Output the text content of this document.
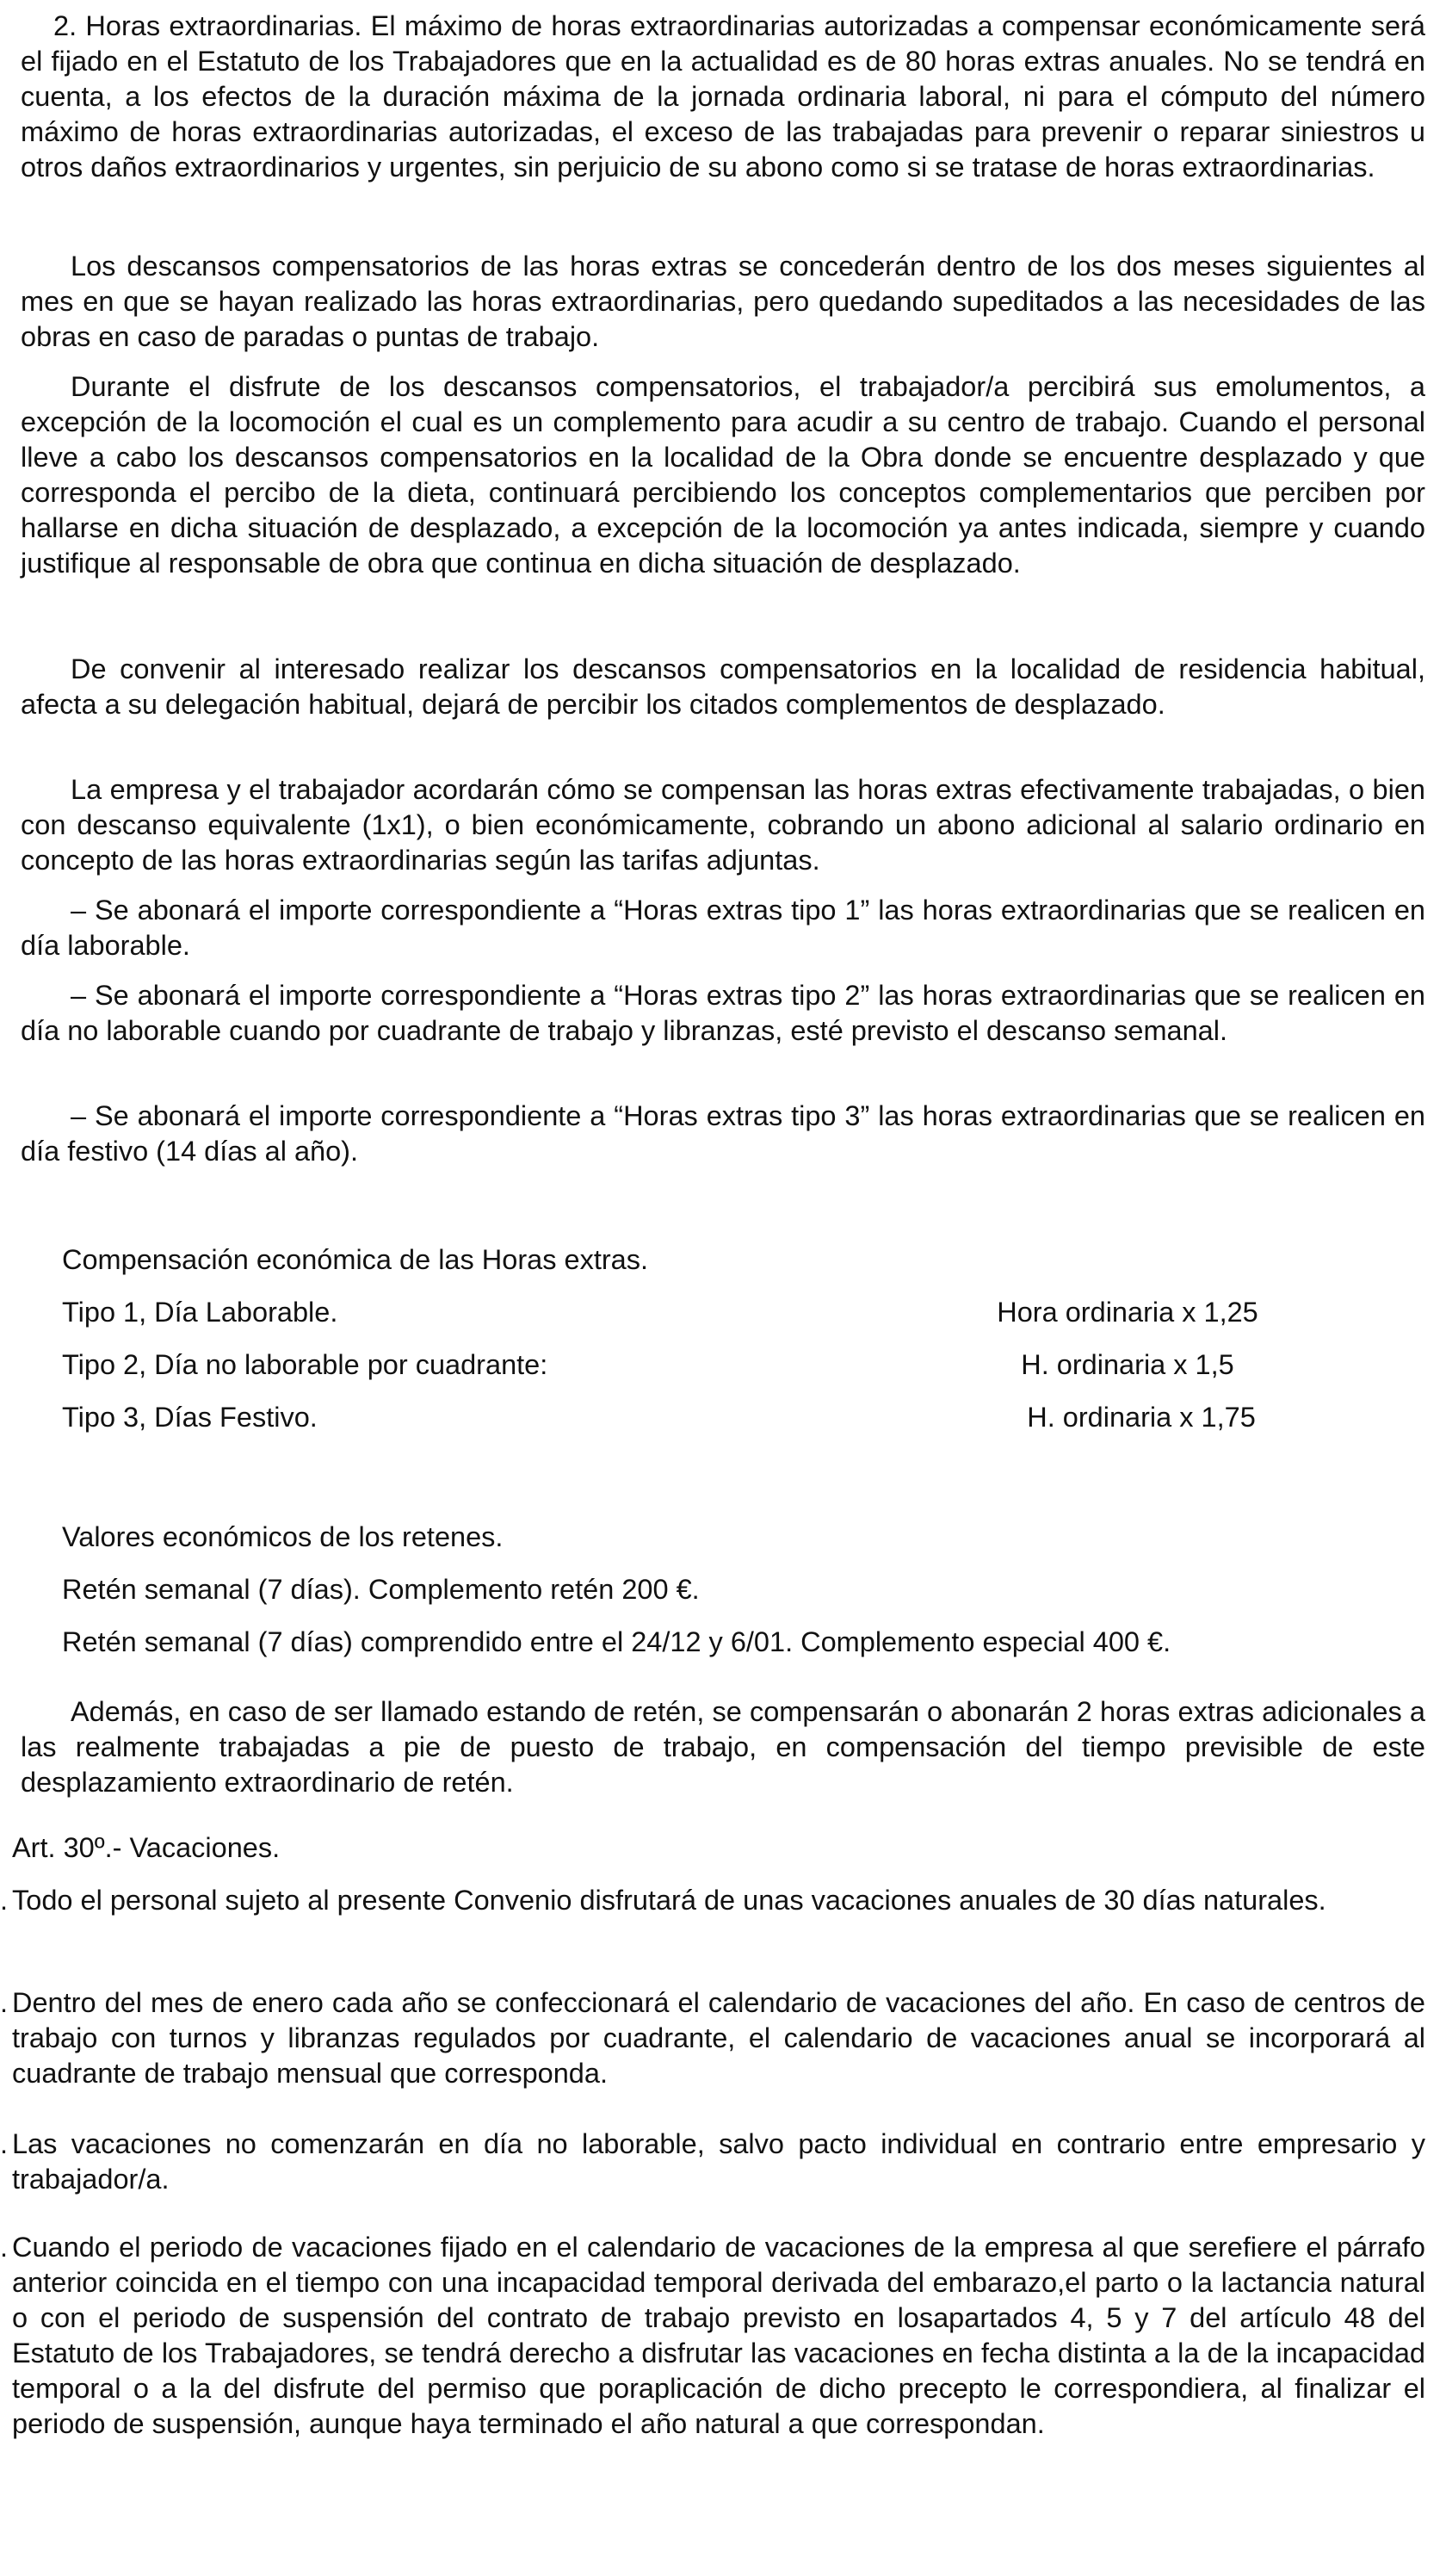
2. Horas extraordinarias. El máximo de horas extraordinarias autorizadas a compensar económicamente será el fijado en el Estatuto de los Trabajadores que en la actualidad es de 80 horas extras anuales. No se tendrá en cuenta, a los efectos de la duración máxima de la jornada ordinaria laboral, ni para el cómputo del número máximo de horas extraordinarias autorizadas, el exceso de las trabajadas para prevenir o reparar siniestros u otros daños extraordinarios y urgentes, sin perjuicio de su abono como si se tratase de horas extraordinarias.

Los descansos compensatorios de las horas extras se concederán dentro de los dos meses siguientes al mes en que se hayan realizado las horas extraordinarias, pero quedando supeditados a las necesidades de las obras en caso de paradas o puntas de trabajo.

Durante el disfrute de los descansos compensatorios, el trabajador/a percibirá sus emolumentos, a excepción de la locomoción el cual es un complemento para acudir a su centro de trabajo. Cuando el personal lleve a cabo los descansos compensatorios en la localidad de la Obra donde se encuentre desplazado y que corresponda el percibo de la dieta, continuará percibiendo los conceptos complementarios que perciben por hallarse en dicha situación de desplazado, a excepción de la locomoción ya antes indicada, siempre y cuando justifique al responsable de obra que continua en dicha situación de desplazado.

De convenir al interesado realizar los descansos compensatorios en la localidad de residencia habitual, afecta a su delegación habitual, dejará de percibir los citados complementos de desplazado.

La empresa y el trabajador acordarán cómo se compensan las horas extras efectivamente trabajadas, o bien con descanso equivalente (1x1), o bien económicamente, cobrando un abono adicional al salario ordinario en concepto de las horas extraordinarias según las tarifas adjuntas.

– Se abonará el importe correspondiente a “Horas extras tipo 1” las horas extraordinarias que se realicen en día laborable.

– Se abonará el importe correspondiente a “Horas extras tipo 2” las horas extraordinarias que se realicen en día no laborable cuando por cuadrante de trabajo y libranzas, esté previsto el descanso semanal.

– Se abonará el importe correspondiente a “Horas extras tipo 3” las horas extraordinarias que se realicen en día festivo (14 días al año).

Compensación económica de las Horas extras.
Tipo 1, Día Laborable.	Hora ordinaria x 1,25
Tipo 2, Día no laborable por cuadrante:	H. ordinaria x 1,5
Tipo 3, Días Festivo.	H. ordinaria x 1,75
Valores económicos de los retenes.
Retén semanal (7 días). Complemento retén 200 €.
Retén semanal (7 días) comprendido entre el 24/12 y 6/01. Complemento especial 400 €.

Además, en caso de ser llamado estando de retén, se compensarán o abonarán 2 horas extras adicionales a las realmente trabajadas a pie de puesto de trabajo, en compensación del tiempo previsible de este desplazamiento extraordinario de retén.

Art. 30º.- Vacaciones.
. Todo el personal sujeto al presente Convenio disfrutará de unas vacaciones anuales de 30 días naturales.
. Dentro del mes de enero cada año se confeccionará el calendario de vacaciones del año. En caso de centros de trabajo con turnos y libranzas regulados por cuadrante, el calendario de vacaciones anual se incorporará al cuadrante de trabajo mensual que corresponda.
. Las vacaciones no comenzarán en día no laborable, salvo pacto individual en contrario entre empresario y trabajador/a.
. Cuando el periodo de vacaciones fijado en el calendario de vacaciones de la empresa al que serefiere el párrafo anterior coincida en el tiempo con una incapacidad temporal derivada del embarazo,el parto o la lactancia natural o con el periodo de suspensión del contrato de trabajo previsto en losapartados 4, 5 y 7 del artículo 48 del Estatuto de los Trabajadores, se tendrá derecho a disfrutar las vacaciones en fecha distinta a la de la incapacidad temporal o a la del disfrute del permiso que poraplicación de dicho precepto le correspondiera, al finalizar el periodo de suspensión, aunque haya terminado el año natural a que correspondan.
